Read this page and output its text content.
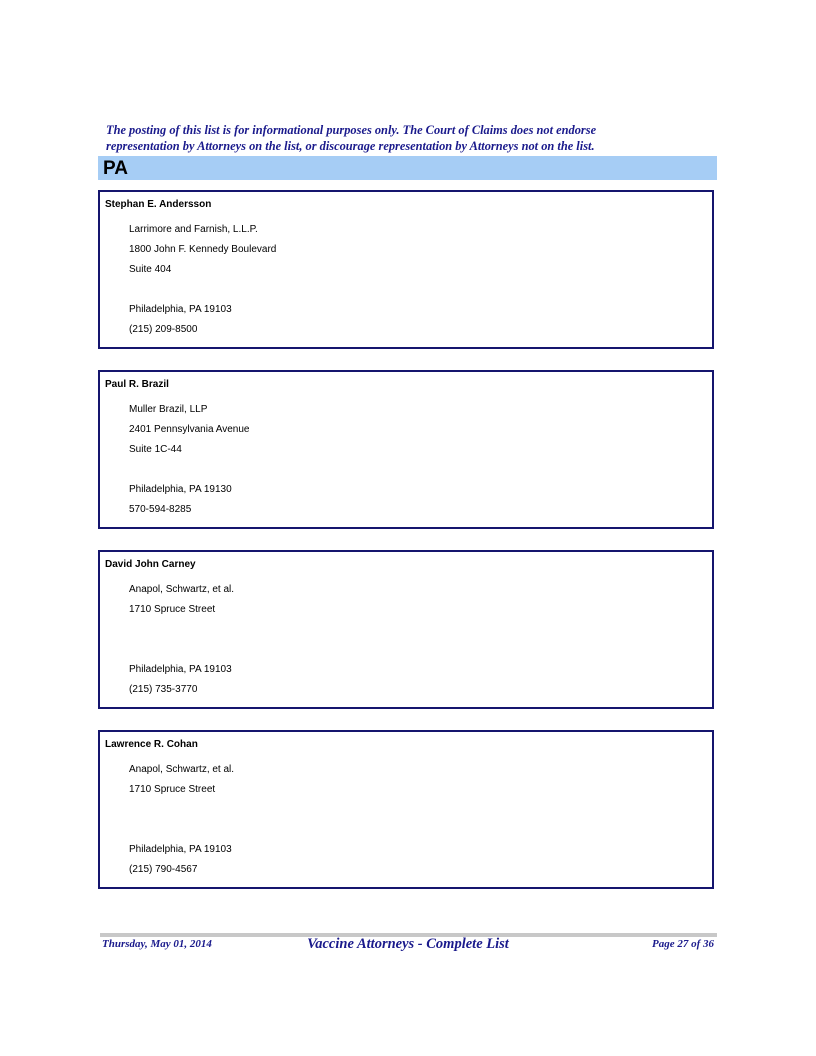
The posting of this list is for informational purposes only. The Court of Claims does not endorse
representation by Attorneys on the list, or discourage representation by Attorneys not on the list.
PA
Stephan E. Andersson
Larrimore and Farnish, L.L.P.
1800 John F. Kennedy Boulevard
Suite 404
Philadelphia, PA 19103
(215) 209-8500
Paul R. Brazil
Muller Brazil, LLP
2401 Pennsylvania Avenue
Suite 1C-44
Philadelphia, PA 19130
570-594-8285
David John Carney
Anapol, Schwartz, et al.
1710 Spruce Street
Philadelphia, PA 19103
(215) 735-3770
Lawrence R. Cohan
Anapol, Schwartz, et al.
1710 Spruce Street
Philadelphia, PA 19103
(215) 790-4567
Thursday, May 01, 2014	Vaccine Attorneys - Complete List	Page 27 of 36
